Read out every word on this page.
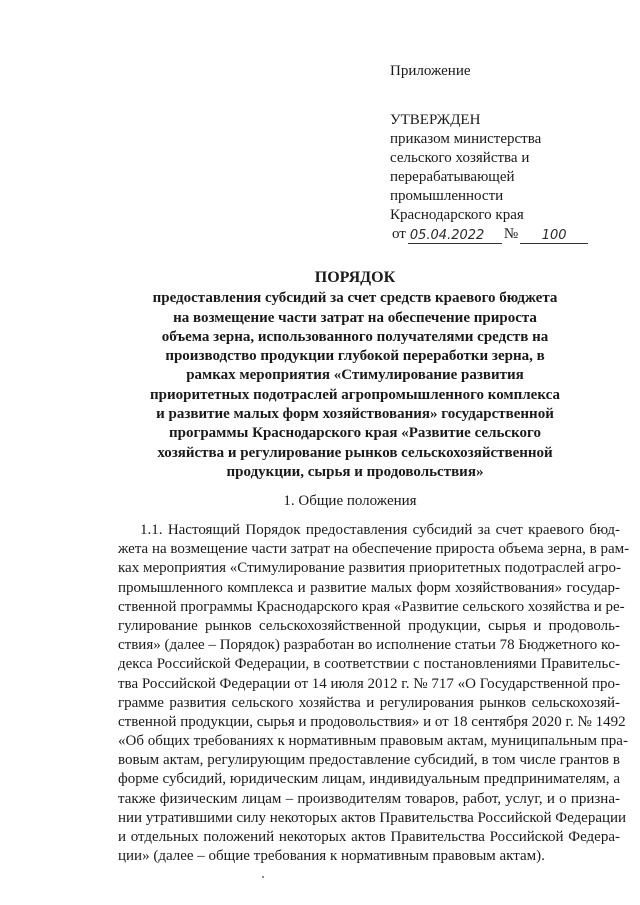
Приложение
УТВЕРЖДЕН
приказом министерства
сельского хозяйства и
перерабатывающей
промышленности
Краснодарского края
от 05.04.2022	№	100
ПОРЯДОК
предоставления субсидий за счет средств краевого бюджета
на возмещение части затрат на обеспечение прироста
объема зерна, использованного получателями средств на
производство продукции глубокой переработки зерна, в
рамках мероприятия «Стимулирование развития
приоритетных подотраслей агропромышленного комплекса
и развитие малых форм хозяйствования» государственной
программы Краснодарского края «Развитие сельского
хозяйства и регулирование рынков сельскохозяйственной
продукции, сырья и продовольствия»
1. Общие положения
1.1. Настоящий Порядок предоставления субсидий за счет краевого бюд-
жета на возмещение части затрат на обеспечение прироста объема зерна, в рам-
ках мероприятия «Стимулирование развития приоритетных подотраслей агро-
промышленного комплекса и развитие малых форм хозяйствования» государ-
ственной программы Краснодарского края «Развитие сельского хозяйства и ре-
гулирование рынков сельскохозяйственной продукции, сырья и продоволь-
ствия» (далее – Порядок) разработан во исполнение статьи 78 Бюджетного ко-
декса Российской Федерации, в соответствии с постановлениями Правительс-
тва Российской Федерации от 14 июля 2012 г. № 717 «О Государственной про-
грамме развития сельского хозяйства и регулирования рынков сельскохозяй-
ственной продукции, сырья и продовольствия» и от 18 сентября 2020 г. № 1492
«Об общих требованиях к нормативным правовым актам, муниципальным пра-
вовым актам, регулирующим предоставление субсидий, в том числе грантов в
форме субсидий, юридическим лицам, индивидуальным предпринимателям, а
также физическим лицам – производителям товаров, работ, услуг, и о призна-
нии утратившими силу некоторых актов Правительства Российской Федерации
и отдельных положений некоторых актов Правительства Российской Федера-
ции» (далее – общие требования к нормативным правовым актам).
